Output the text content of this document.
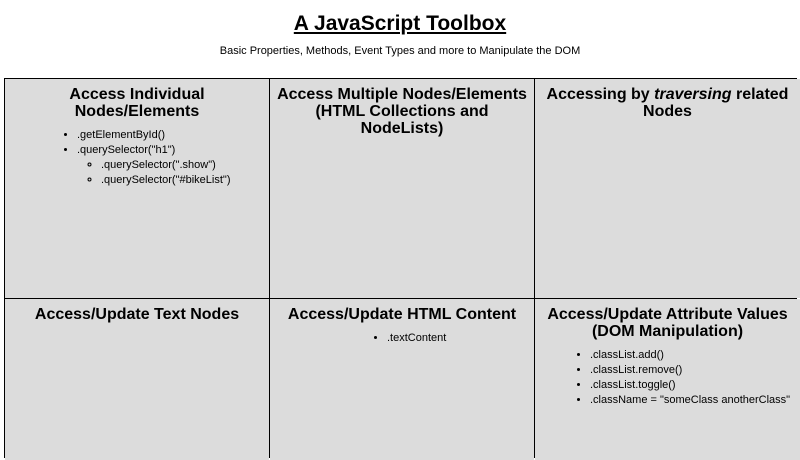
A JavaScript Toolbox

Basic Properties, Methods, Event Types and more to Manipulate the DOM

Access Individual Nodes/Elements
• .getElementById()
• .querySelector("h1")
◦ .querySelector(".show")
◦ .querySelector("#bikeList")
Access Multiple Nodes/Elements
(HTML Collections and NodeLists)
Accessing by traversing related Nodes
Access/Update Text Nodes	Access/Update HTML Content
• .textContent
Access/Update Attribute Values
(DOM Manipulation)
• .classList.add()
• .classList.remove()
• .classList.toggle()
• .className = "someClass anotherClass"
